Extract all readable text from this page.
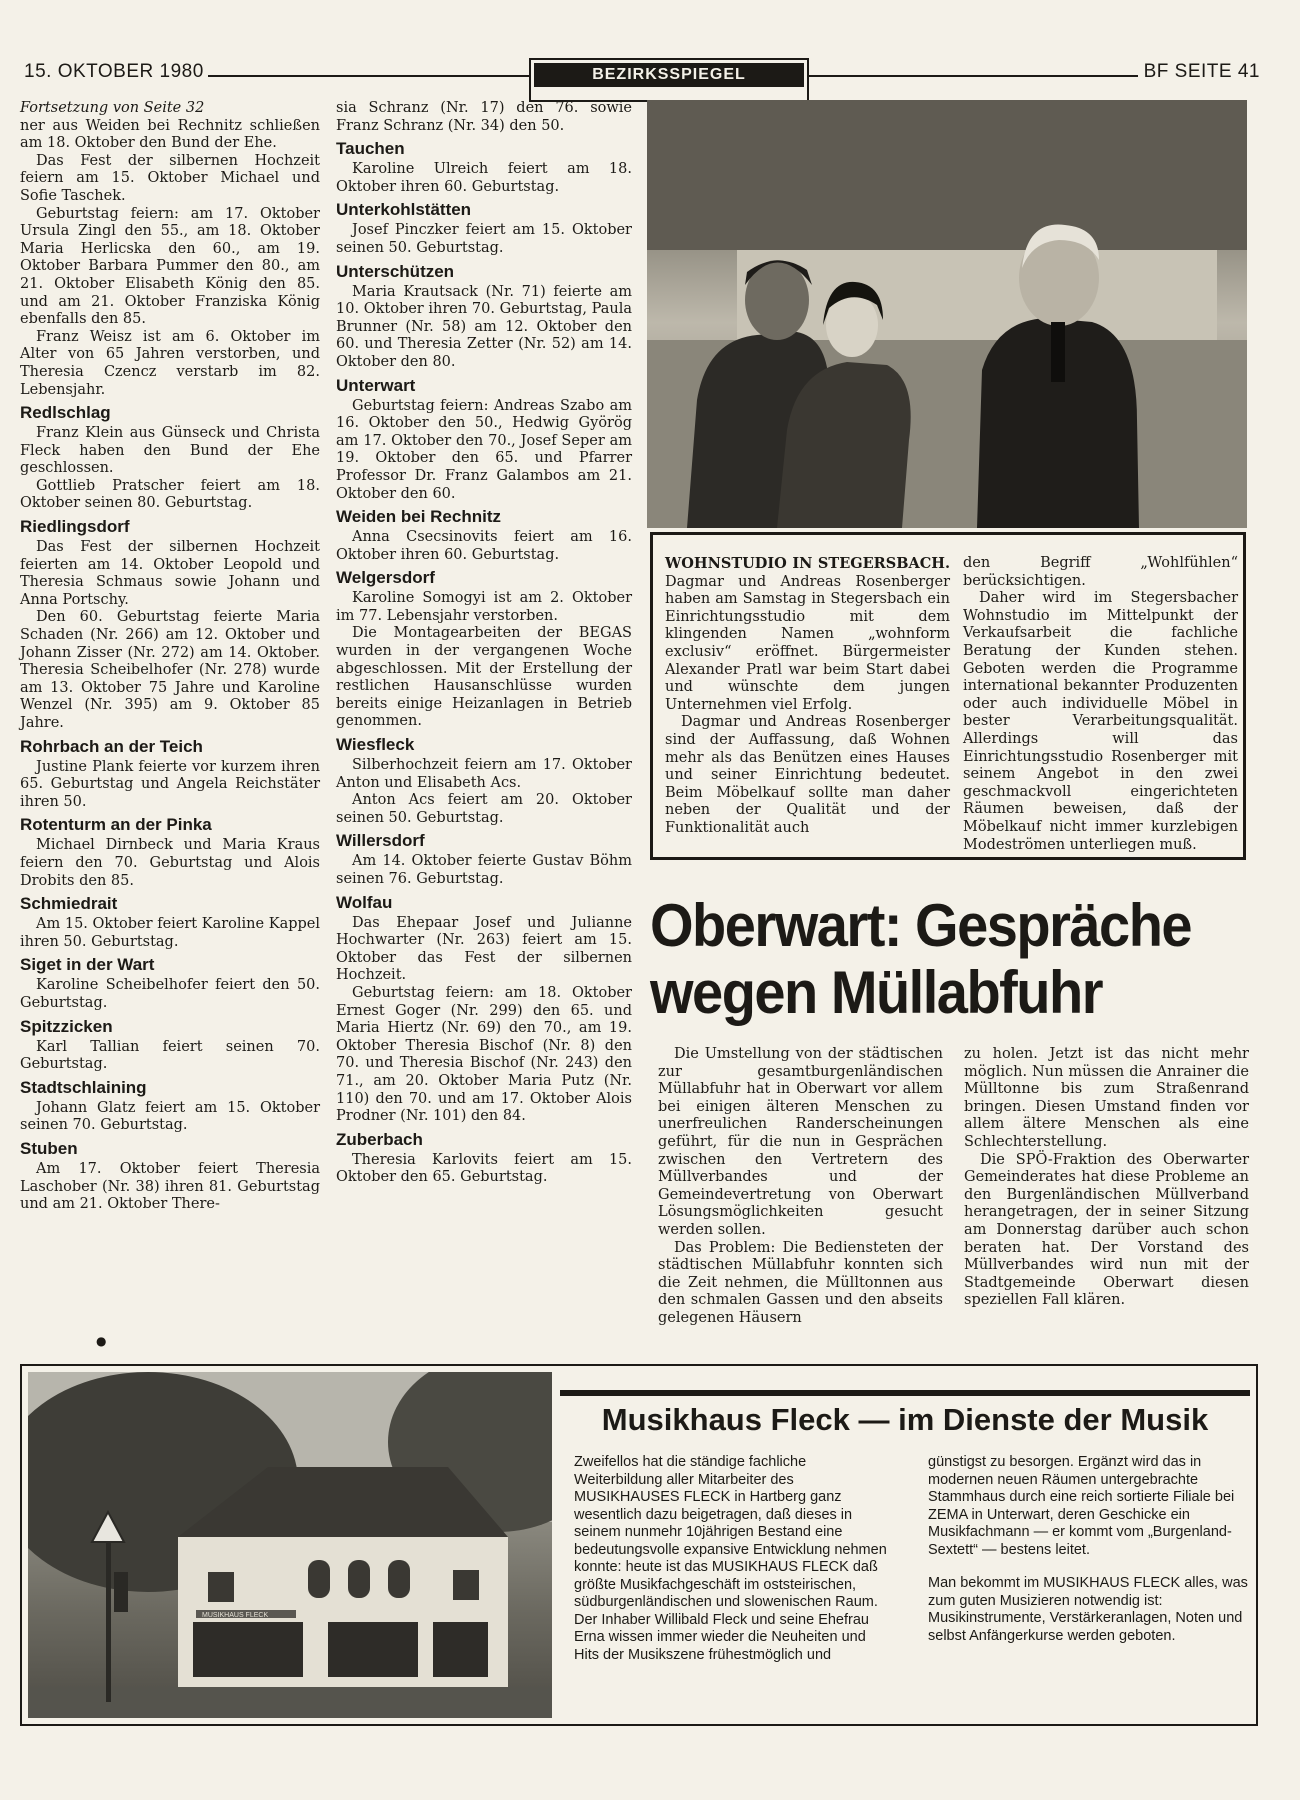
15. OKTOBER 1980	BEZIRKSSPIEGEL	BF SEITE 41

Fortsetzung von Seite 32

ner aus Weiden bei Rechnitz schließen am 18. Oktober den Bund der Ehe.

Das Fest der silbernen Hochzeit feiern am 15. Oktober Michael und Sofie Taschek.

Geburtstag feiern: am 17. Oktober Ursula Zingl den 55., am 18. Oktober Maria Herlicska den 60., am 19. Oktober Barbara Pummer den 80., am 21. Oktober Elisabeth König den 85. und am 21. Oktober Franziska König ebenfalls den 85.

Franz Weisz ist am 6. Oktober im Alter von 65 Jahren verstorben, und Theresia Czencz verstarb im 82. Lebensjahr.

Redlschlag

Franz Klein aus Günseck und Christa Fleck haben den Bund der Ehe geschlossen.

Gottlieb Pratscher feiert am 18. Oktober seinen 80. Geburtstag.

Riedlingsdorf

Das Fest der silbernen Hochzeit feierten am 14. Oktober Leopold und Theresia Schmaus sowie Johann und Anna Portschy.

Den 60. Geburtstag feierte Maria Schaden (Nr. 266) am 12. Oktober und Johann Zisser (Nr. 272) am 14. Oktober. Theresia Scheibelhofer (Nr. 278) wurde am 13. Oktober 75 Jahre und Karoline Wenzel (Nr. 395) am 9. Oktober 85 Jahre.

Rohrbach an der Teich

Justine Plank feierte vor kurzem ihren 65. Geburtstag und Angela Reichstäter ihren 50.

Rotenturm an der Pinka

Michael Dirnbeck und Maria Kraus feiern den 70. Geburtstag und Alois Drobits den 85.

Schmiedrait

Am 15. Oktober feiert Karoline Kappel ihren 50. Geburtstag.

Siget in der Wart

Karoline Scheibelhofer feiert den 50. Geburtstag.

Spitzzicken

Karl Tallian feiert seinen 70. Geburtstag.

Stadtschlaining

Johann Glatz feiert am 15. Oktober seinen 70. Geburtstag.

Stuben

Am 17. Oktober feiert Theresia Laschober (Nr. 38) ihren 81. Geburtstag und am 21. Oktober There-

sia Schranz (Nr. 17) den 76. sowie Franz Schranz (Nr. 34) den 50.

Tauchen

Karoline Ulreich feiert am 18. Oktober ihren 60. Geburtstag.

Unterkohlstätten

Josef Pinczker feiert am 15. Oktober seinen 50. Geburtstag.

Unterschützen

Maria Krautsack (Nr. 71) feierte am 10. Oktober ihren 70. Geburtstag, Paula Brunner (Nr. 58) am 12. Oktober den 60. und Theresia Zetter (Nr. 52) am 14. Oktober den 80.

Unterwart

Geburtstag feiern: Andreas Szabo am 16. Oktober den 50., Hedwig Györög am 17. Oktober den 70., Josef Seper am 19. Oktober den 65. und Pfarrer Professor Dr. Franz Galambos am 21. Oktober den 60.

Weiden bei Rechnitz

Anna Csecsinovits feiert am 16. Oktober ihren 60. Geburtstag.

Welgersdorf

Karoline Somogyi ist am 2. Oktober im 77. Lebensjahr verstorben.

Die Montagearbeiten der BEGAS wurden in der vergangenen Woche abgeschlossen. Mit der Erstellung der restlichen Hausanschlüsse wurden bereits einige Heizanlagen in Betrieb genommen.

Wiesfleck

Silberhochzeit feiern am 17. Oktober Anton und Elisabeth Acs.

Anton Acs feiert am 20. Oktober seinen 50. Geburtstag.

Willersdorf

Am 14. Oktober feierte Gustav Böhm seinen 76. Geburtstag.

Wolfau

Das Ehepaar Josef und Julianne Hochwarter (Nr. 263) feiert am 15. Oktober das Fest der silbernen Hochzeit.

Geburtstag feiern: am 18. Oktober Ernest Goger (Nr. 299) den 65. und Maria Hiertz (Nr. 69) den 70., am 19. Oktober Theresia Bischof (Nr. 8) den 70. und Theresia Bischof (Nr. 243) den 71., am 20. Oktober Maria Putz (Nr. 110) den 70. und am 17. Oktober Alois Prodner (Nr. 101) den 84.

Zuberbach

Theresia Karlovits feiert am 15. Oktober den 65. Geburtstag.

WOHNSTUDIO IN STEGERSBACH. Dagmar und Andreas Rosenberger haben am Samstag in Stegersbach ein Einrichtungsstudio mit dem klingenden Namen „wohnform exclusiv“ eröffnet. Bürgermeister Alexander Pratl war beim Start dabei und wünschte dem jungen Unternehmen viel Erfolg.

Dagmar und Andreas Rosenberger sind der Auffassung, daß Wohnen mehr als das Benützen eines Hauses und seiner Einrichtung bedeutet. Beim Möbelkauf sollte man daher neben der Qualität und der Funktionalität auch

den Begriff „Wohlfühlen“ berücksichtigen.

Daher wird im Stegersbacher Wohnstudio im Mittelpunkt der Verkaufsarbeit die fachliche Beratung der Kunden stehen. Geboten werden die Programme international bekannter Produzenten oder auch individuelle Möbel in bester Verarbeitungsqualität. Allerdings will das Einrichtungsstudio Rosenberger mit seinem Angebot in den zwei geschmackvoll eingerichteten Räumen beweisen, daß der Möbelkauf nicht immer kurzlebigen Modeströmen unterliegen muß.

Oberwart: Gespräche
wegen Müllabfuhr

Die Umstellung von der städtischen zur gesamtburgenländischen Müllabfuhr hat in Oberwart vor allem bei einigen älteren Menschen zu unerfreulichen Randerscheinungen geführt, für die nun in Gesprächen zwischen den Vertretern des Müllverbandes und der Gemeindevertretung von Oberwart Lösungsmöglichkeiten gesucht werden sollen.

Das Problem: Die Bediensteten der städtischen Müllabfuhr konnten sich die Zeit nehmen, die Mülltonnen aus den schmalen Gassen und den abseits gelegenen Häusern

zu holen. Jetzt ist das nicht mehr möglich. Nun müssen die Anrainer die Mülltonne bis zum Straßenrand bringen. Diesen Umstand finden vor allem ältere Menschen als eine Schlechterstellung.

Die SPÖ-Fraktion des Oberwarter Gemeinderates hat diese Probleme an den Burgenländischen Müllverband herangetragen, der in seiner Sitzung am Donnerstag darüber auch schon beraten hat. Der Vorstand des Müllverbandes wird nun mit der Stadtgemeinde Oberwart diesen speziellen Fall klären.

●
MUSIKHAUS FLECK
Musikhaus Fleck — im Dienste der Musik

Zweifellos hat die ständige fachliche Weiterbildung aller Mitarbeiter des MUSIKHAUSES FLECK in Hartberg ganz wesentlich dazu beigetragen, daß dieses in seinem nunmehr 10jährigen Bestand eine bedeutungsvolle expansive Entwicklung nehmen konnte: heute ist das MUSIKHAUS FLECK daß größte Musikfachgeschäft im oststeirischen, südburgenländischen und slowenischen Raum. Der Inhaber Willibald Fleck und seine Ehefrau Erna wissen immer wieder die Neuheiten und Hits der Musikszene frühestmöglich und

günstigst zu besorgen. Ergänzt wird das in modernen neuen Räumen untergebrachte Stammhaus durch eine reich sortierte Filiale bei ZEMA in Unterwart, deren Geschicke ein Musikfachmann — er kommt vom „Burgenland-Sextett“ — bestens leitet.

Man bekommt im MUSIKHAUS FLECK alles, was zum guten Musizieren notwendig ist: Musikinstrumente, Verstärkeranlagen, Noten und selbst Anfängerkurse werden geboten.
